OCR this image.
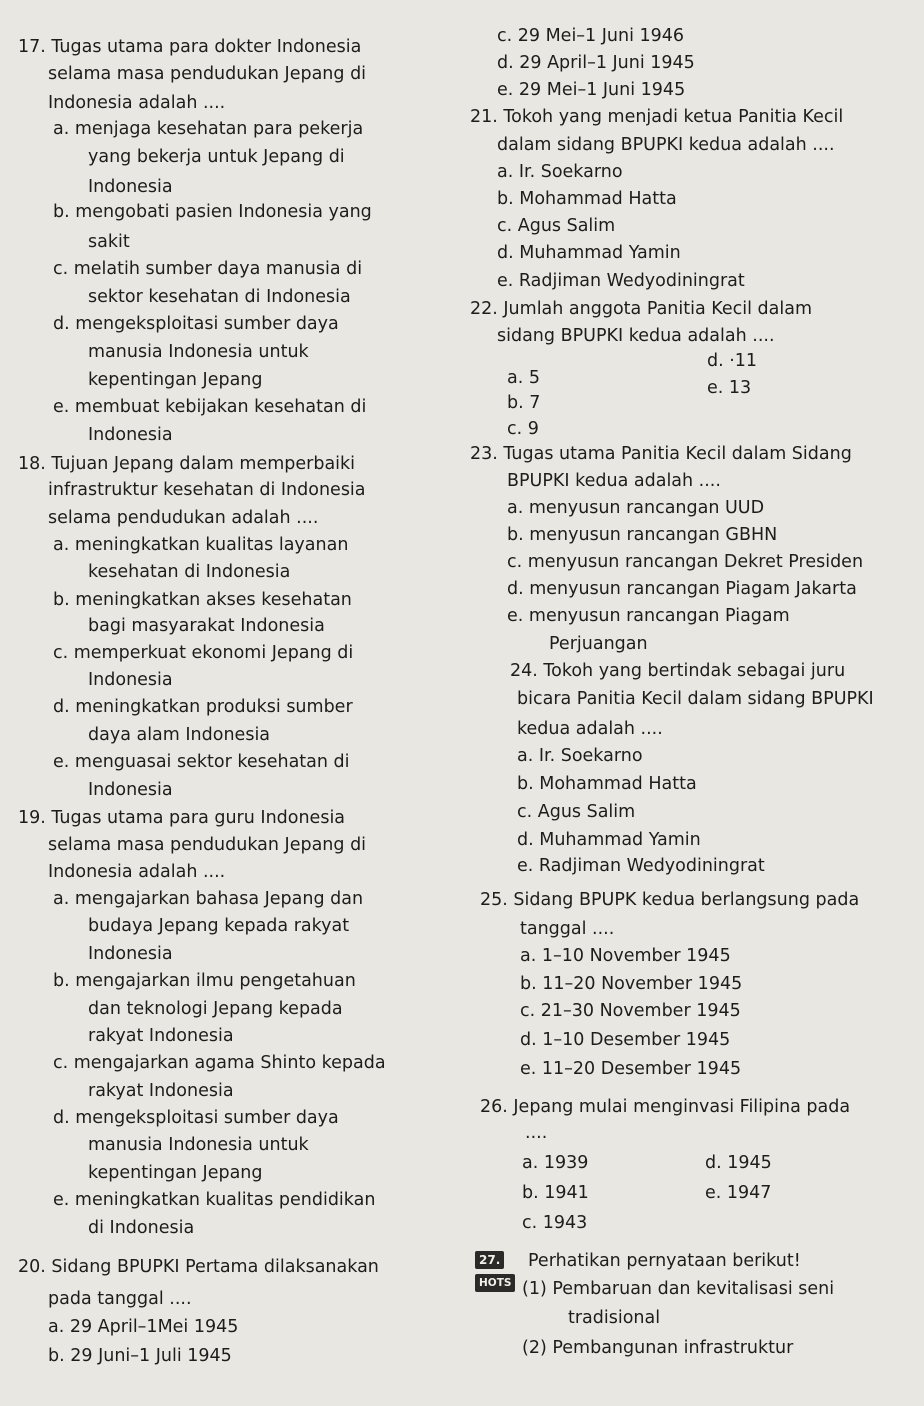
17. Tugas utama para dokter Indonesia
selama masa pendudukan Jepang di
Indonesia adalah ....
a. menjaga kesehatan para pekerja
yang bekerja untuk Jepang di
Indonesia
b. mengobati pasien Indonesia yang
sakit
c. melatih sumber daya manusia di
sektor kesehatan di Indonesia
d. mengeksploitasi sumber daya
manusia Indonesia untuk
kepentingan Jepang
e. membuat kebijakan kesehatan di
Indonesia
18. Tujuan Jepang dalam memperbaiki
infrastruktur kesehatan di Indonesia
selama pendudukan adalah ....
a. meningkatkan kualitas layanan
kesehatan di Indonesia
b. meningkatkan akses kesehatan
bagi masyarakat Indonesia
c. memperkuat ekonomi Jepang di
Indonesia
d. meningkatkan produksi sumber
daya alam Indonesia
e. menguasai sektor kesehatan di
Indonesia
19. Tugas utama para guru Indonesia
selama masa pendudukan Jepang di
Indonesia adalah ....
a. mengajarkan bahasa Jepang dan
budaya Jepang kepada rakyat
Indonesia
b. mengajarkan ilmu pengetahuan
dan teknologi Jepang kepada
rakyat Indonesia
c. mengajarkan agama Shinto kepada
rakyat Indonesia
d. mengeksploitasi sumber daya
manusia Indonesia untuk
kepentingan Jepang
e. meningkatkan kualitas pendidikan
di Indonesia
20. Sidang BPUPKI Pertama dilaksanakan
pada tanggal ....
a. 29 April–1Mei 1945
b. 29 Juni–1 Juli 1945
c. 29 Mei–1 Juni 1946
d. 29 April–1 Juni 1945
e. 29 Mei–1 Juni 1945
21. Tokoh yang menjadi ketua Panitia Kecil
dalam sidang BPUPKI kedua adalah ....
a. Ir. Soekarno
b. Mohammad Hatta
c. Agus Salim
d. Muhammad Yamin
e. Radjiman Wedyodiningrat
22. Jumlah anggota Panitia Kecil dalam
sidang BPUPKI kedua adalah ....
a. 5
d. ·11
b. 7
e. 13
c. 9
23. Tugas utama Panitia Kecil dalam Sidang
BPUPKI kedua adalah ....
a. menyusun rancangan UUD
b. menyusun rancangan GBHN
c. menyusun rancangan Dekret Presiden
d. menyusun rancangan Piagam Jakarta
e. menyusun rancangan Piagam
Perjuangan
24. Tokoh yang bertindak sebagai juru
bicara Panitia Kecil dalam sidang BPUPKI
kedua adalah ....
a. Ir. Soekarno
b. Mohammad Hatta
c. Agus Salim
d. Muhammad Yamin
e. Radjiman Wedyodiningrat
25. Sidang BPUPK kedua berlangsung pada
tanggal ....
a. 1–10 November 1945
b. 11–20 November 1945
c. 21–30 November 1945
d. 1–10 Desember 1945
e. 11–20 Desember 1945
26. Jepang mulai menginvasi Filipina pada
....
a. 1939	d. 1945
b. 1941	e. 1947
c. 1943
27.
HOTS
Perhatikan pernyataan berikut!
(1) Pembaruan dan kevitalisasi seni
tradisional
(2) Pembangunan infrastruktur
